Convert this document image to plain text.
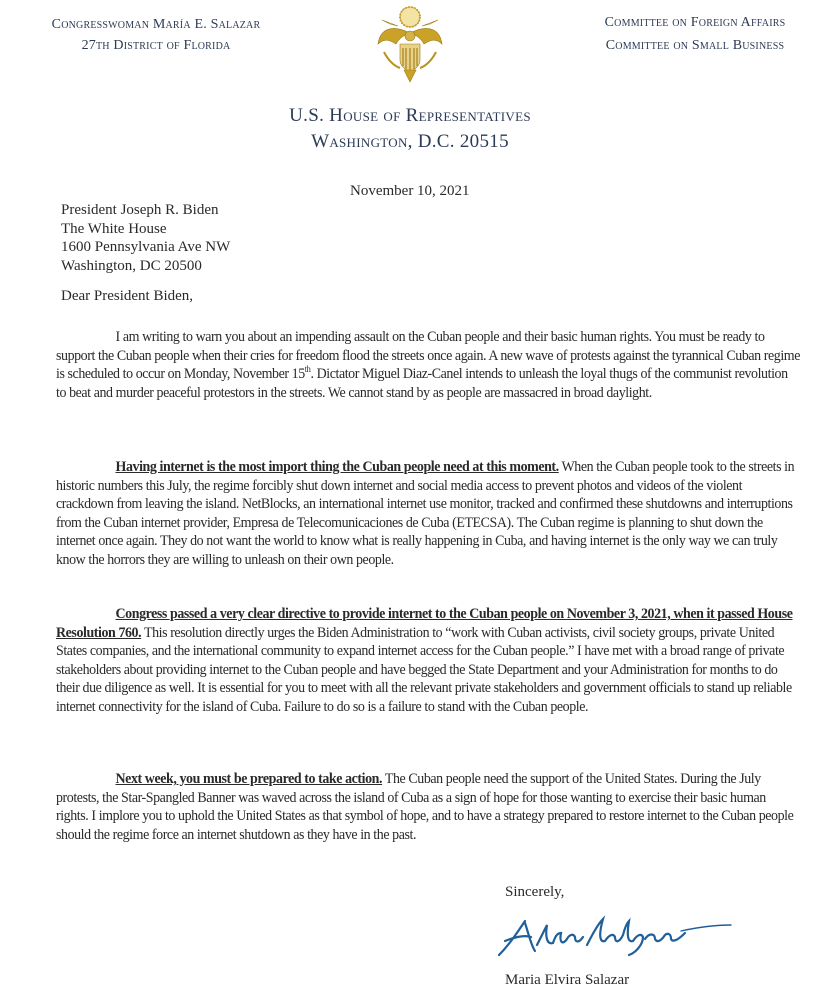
Congresswoman María E. Salazar
27th District of Florida
Committee on Foreign Affairs
Committee on Small Business
U.S. House of Representatives
Washington, D.C. 20515
November 10, 2021
President Joseph R. Biden
The White House
1600 Pennsylvania Ave NW
Washington, DC 20500
Dear President Biden,
I am writing to warn you about an impending assault on the Cuban people and their basic human rights. You must be ready to support the Cuban people when their cries for freedom flood the streets once again. A new wave of protests against the tyrannical Cuban regime is scheduled to occur on Monday, November 15th. Dictator Miguel Diaz-Canel intends to unleash the loyal thugs of the communist revolution to beat and murder peaceful protestors in the streets. We cannot stand by as people are massacred in broad daylight.
Having internet is the most import thing the Cuban people need at this moment. When the Cuban people took to the streets in historic numbers this July, the regime forcibly shut down internet and social media access to prevent photos and videos of the violent crackdown from leaving the island. NetBlocks, an international internet use monitor, tracked and confirmed these shutdowns and interruptions from the Cuban internet provider, Empresa de Telecomunicaciones de Cuba (ETECSA). The Cuban regime is planning to shut down the internet once again. They do not want the world to know what is really happening in Cuba, and having internet is the only way we can truly know the horrors they are willing to unleash on their own people.
Congress passed a very clear directive to provide internet to the Cuban people on November 3, 2021, when it passed House Resolution 760. This resolution directly urges the Biden Administration to “work with Cuban activists, civil society groups, private United States companies, and the international community to expand internet access for the Cuban people.” I have met with a broad range of private stakeholders about providing internet to the Cuban people and have begged the State Department and your Administration for months to do their due diligence as well. It is essential for you to meet with all the relevant private stakeholders and government officials to stand up reliable internet connectivity for the island of Cuba. Failure to do so is a failure to stand with the Cuban people.
Next week, you must be prepared to take action. The Cuban people need the support of the United States. During the July protests, the Star-Spangled Banner was waved across the island of Cuba as a sign of hope for those wanting to exercise their basic human rights. I implore you to uphold the United States as that symbol of hope, and to have a strategy prepared to restore internet to the Cuban people should the regime force an internet shutdown as they have in the past.
Sincerely,
Maria Elvira Salazar
